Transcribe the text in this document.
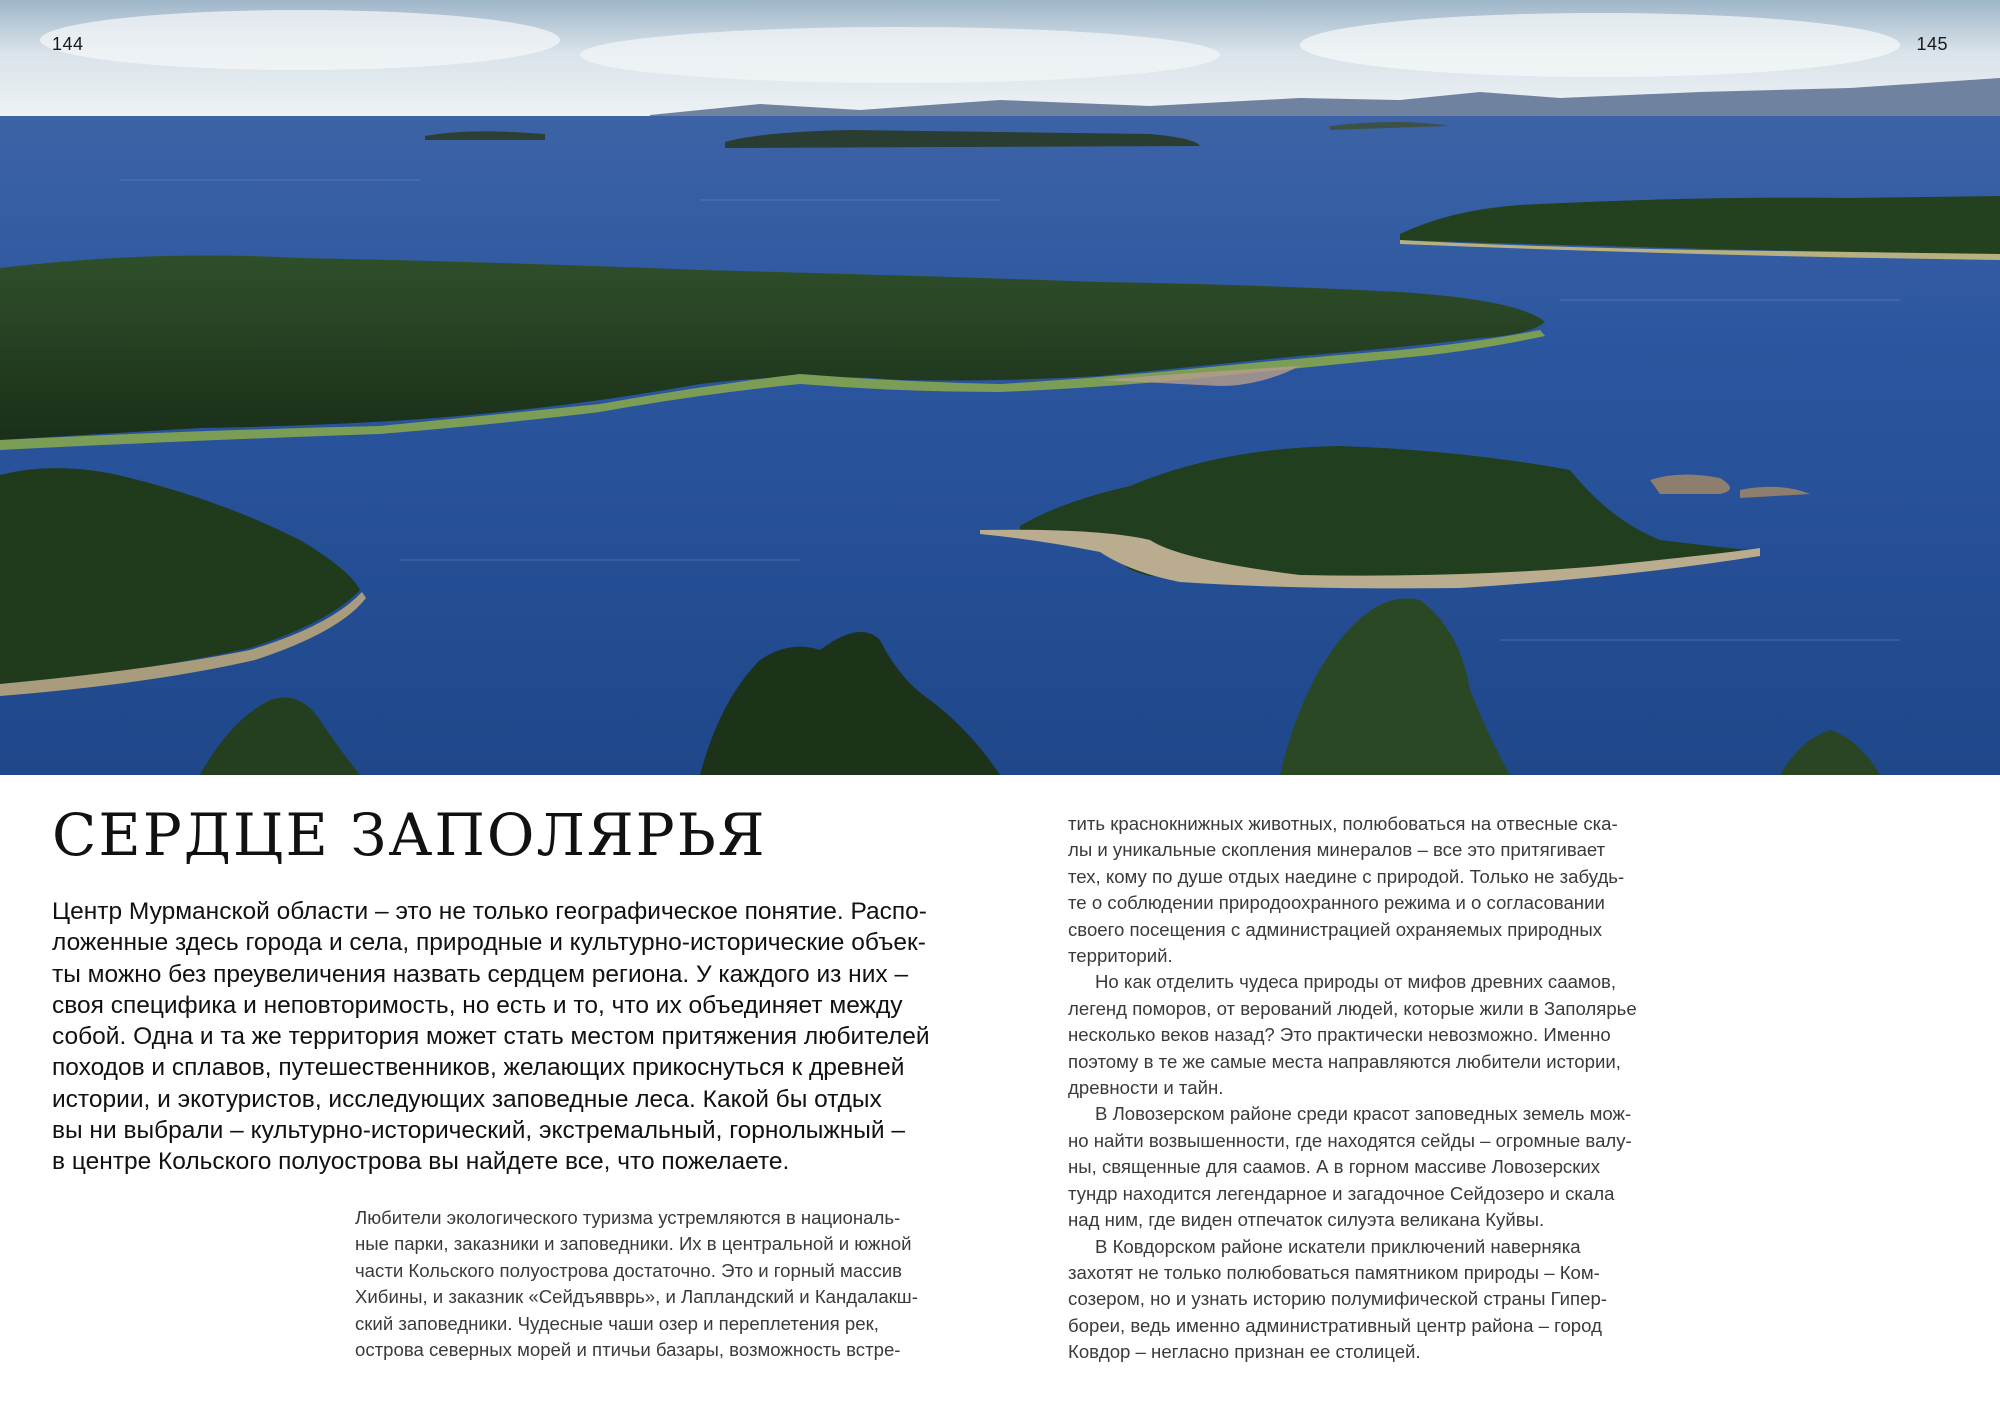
144	145
СЕРДЦЕ ЗАПОЛЯРЬЯ
Центр Мурманской области – это не только географическое понятие. Распо-
ложенные здесь города и села, природные и культурно-исторические объек-
ты можно без преувеличения назвать сердцем региона. У каждого из них –
своя специфика и неповторимость, но есть и то, что их объединяет между
собой. Одна и та же территория может стать местом притяжения любителей
походов и сплавов, путешественников, желающих прикоснуться к древней
истории, и экотуристов, исследующих заповедные леса. Какой бы отдых
вы ни выбрали – культурно-исторический, экстремальный, горнолыжный –
в центре Кольского полуострова вы найдете все, что пожелаете.
Любители экологического туризма устремляются в националь-
ные парки, заказники и заповедники. Их в центральной и южной
части Кольского полуострова достаточно. Это и горный массив
Хибины, и заказник «Сейдъявврь», и Лапландский и Кандалакш-
ский заповедники. Чудесные чаши озер и переплетения рек,
острова северных морей и птичьи базары, возможность встре-
тить краснокнижных животных, полюбоваться на отвесные ска-
лы и уникальные скопления минералов – все это притягивает
тех, кому по душе отдых наедине с природой. Только не забудь-
те о соблюдении природоохранного режима и о согласовании
своего посещения с администрацией охраняемых природных
территорий.
Но как отделить чудеса природы от мифов древних саамов,
легенд поморов, от верований людей, которые жили в Заполярье
несколько веков назад? Это практически невозможно. Именно
поэтому в те же самые места направляются любители истории,
древности и тайн.
В Ловозерском районе среди красот заповедных земель мож-
но найти возвышенности, где находятся сейды – огромные валу-
ны, священные для саамов. А в горном массиве Ловозерских
тундр находится легендарное и загадочное Сейдозеро и скала
над ним, где виден отпечаток силуэта великана Куйвы.
В Ковдорском районе искатели приключений наверняка
захотят не только полюбоваться памятником природы – Ком-
созером, но и узнать историю полумифической страны Гипер-
бореи, ведь именно административный центр района – город
Ковдор – негласно признан ее столицей.
